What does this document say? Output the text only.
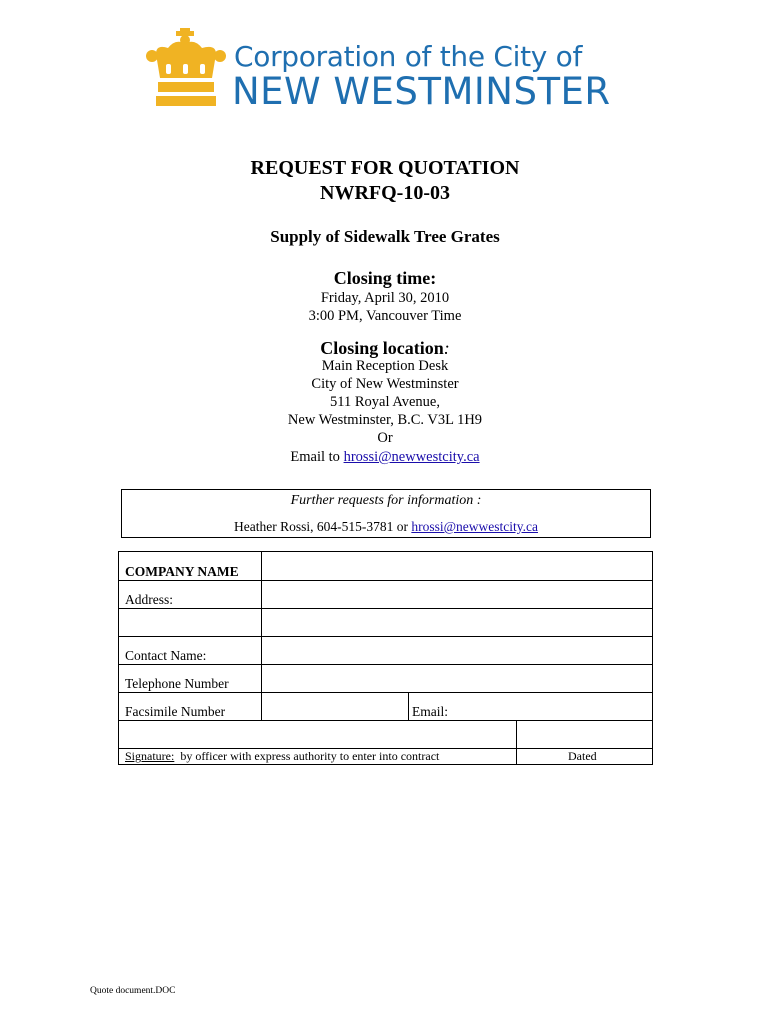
Corporation of the City of
NEW WESTMINSTER
REQUEST FOR QUOTATION
NWRFQ-10-03
Supply of Sidewalk Tree Grates
Closing time:
Friday, April 30, 2010
3:00 PM, Vancouver Time
Closing location:
Main Reception Desk
City of New Westminster
511 Royal Avenue,
New Westminster, B.C. V3L 1H9
Or
Email to hrossi@newwestcity.ca
Further requests for information :
Heather Rossi, 604-515-3781 or hrossi@newwestcity.ca
COMPANY NAME
Address:
Contact Name:
Telephone Number
Facsimile Number	Email:
Signature: by officer with express authority to enter into contract	Dated
Quote document.DOC
